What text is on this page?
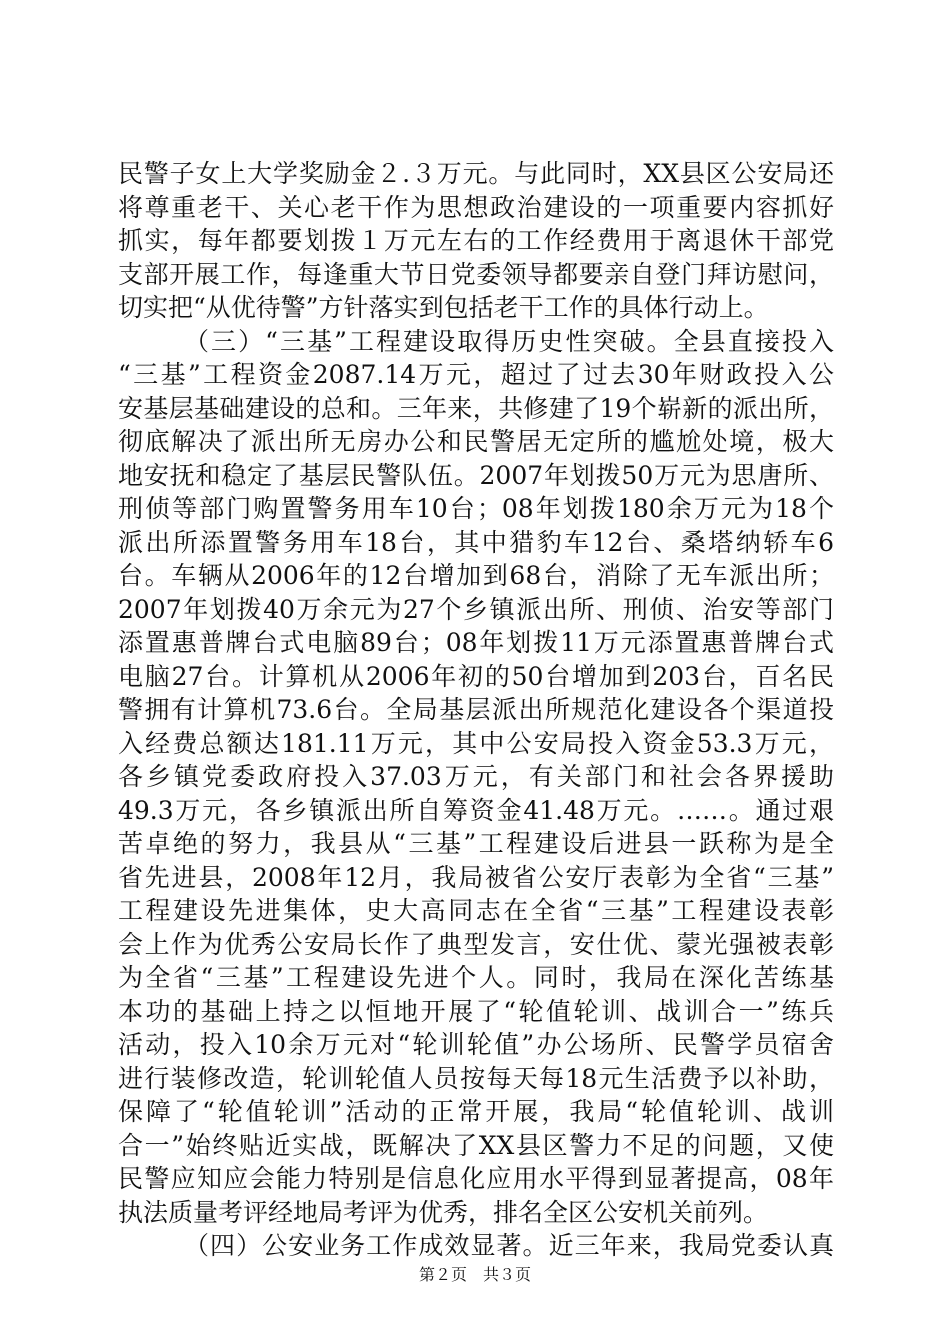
民警子女上大学奖励金２.３万元。与此同时，XX县区公安局还
将尊重老干、关心老干作为思想政治建设的一项重要内容抓好
抓实，每年都要划拨１万元左右的工作经费用于离退休干部党
支部开展工作，每逢重大节日党委领导都要亲自登门拜访慰问，
切实把“从优待警”方针落实到包括老干工作的具体行动上。
（三）“三基”工程建设取得历史性突破。全县直接投入
“三基”工程资金2087.14万元，超过了过去30年财政投入公
安基层基础建设的总和。三年来，共修建了19个崭新的派出所，
彻底解决了派出所无房办公和民警居无定所的尴尬处境，极大
地安抚和稳定了基层民警队伍。2007年划拨50万元为思唐所、
刑侦等部门购置警务用车10台；08年划拨180余万元为18个
派出所添置警务用车18台，其中猎豹车12台、桑塔纳轿车6
台。车辆从2006年的12台增加到68台，消除了无车派出所；
2007年划拨40万余元为27个乡镇派出所、刑侦、治安等部门
添置惠普牌台式电脑89台；08年划拨11万元添置惠普牌台式
电脑27台。计算机从2006年初的50台增加到203台，百名民
警拥有计算机73.6台。全局基层派出所规范化建设各个渠道投
入经费总额达181.11万元，其中公安局投入资金53.3万元，
各乡镇党委政府投入37.03万元，有关部门和社会各界援助
49.3万元，各乡镇派出所自筹资金41.48万元。……。通过艰
苦卓绝的努力，我县从“三基”工程建设后进县一跃称为是全
省先进县，2008年12月，我局被省公安厅表彰为全省“三基”
工程建设先进集体，史大高同志在全省“三基”工程建设表彰
会上作为优秀公安局长作了典型发言，安仕优、蒙光强被表彰
为全省“三基”工程建设先进个人。同时，我局在深化苦练基
本功的基础上持之以恒地开展了“轮值轮训、战训合一”练兵
活动，投入10余万元对“轮训轮值”办公场所、民警学员宿舍
进行装修改造，轮训轮值人员按每天每18元生活费予以补助，
保障了“轮值轮训”活动的正常开展，我局“轮值轮训、战训
合一”始终贴近实战，既解决了XX县区警力不足的问题，又使
民警应知应会能力特别是信息化应用水平得到显著提高，08年
执法质量考评经地局考评为优秀，排名全区公安机关前列。
（四）公安业务工作成效显著。近三年来，我局党委认真
第２页　共３页
